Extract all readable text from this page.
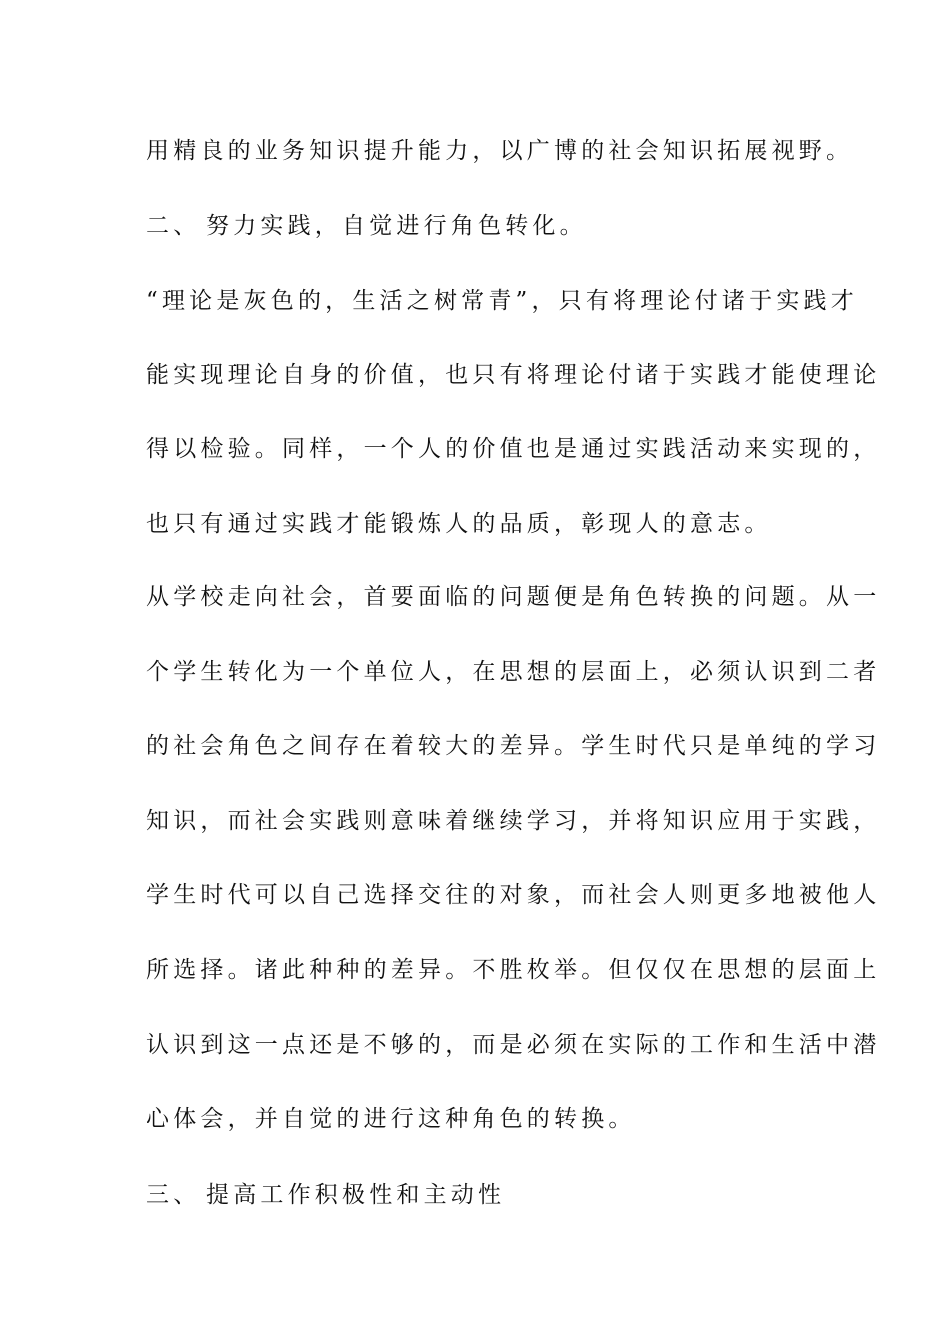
用精良的业务知识提升能力，以广博的社会知识拓展视野。
二、 努力实践，自觉进行角色转化。
“理论是灰色的，生活之树常青”，只有将理论付诸于实践才
能实现理论自身的价值，也只有将理论付诸于实践才能使理论
得以检验。同样，一个人的价值也是通过实践活动来实现的，
也只有通过实践才能锻炼人的品质，彰现人的意志。
从学校走向社会，首要面临的问题便是角色转换的问题。从一
个学生转化为一个单位人，在思想的层面上，必须认识到二者
的社会角色之间存在着较大的差异。学生时代只是单纯的学习
知识，而社会实践则意味着继续学习，并将知识应用于实践，
学生时代可以自己选择交往的对象，而社会人则更多地被他人
所选择。诸此种种的差异。不胜枚举。但仅仅在思想的层面上
认识到这一点还是不够的，而是必须在实际的工作和生活中潜
心体会，并自觉的进行这种角色的转换。
三、 提高工作积极性和主动性
